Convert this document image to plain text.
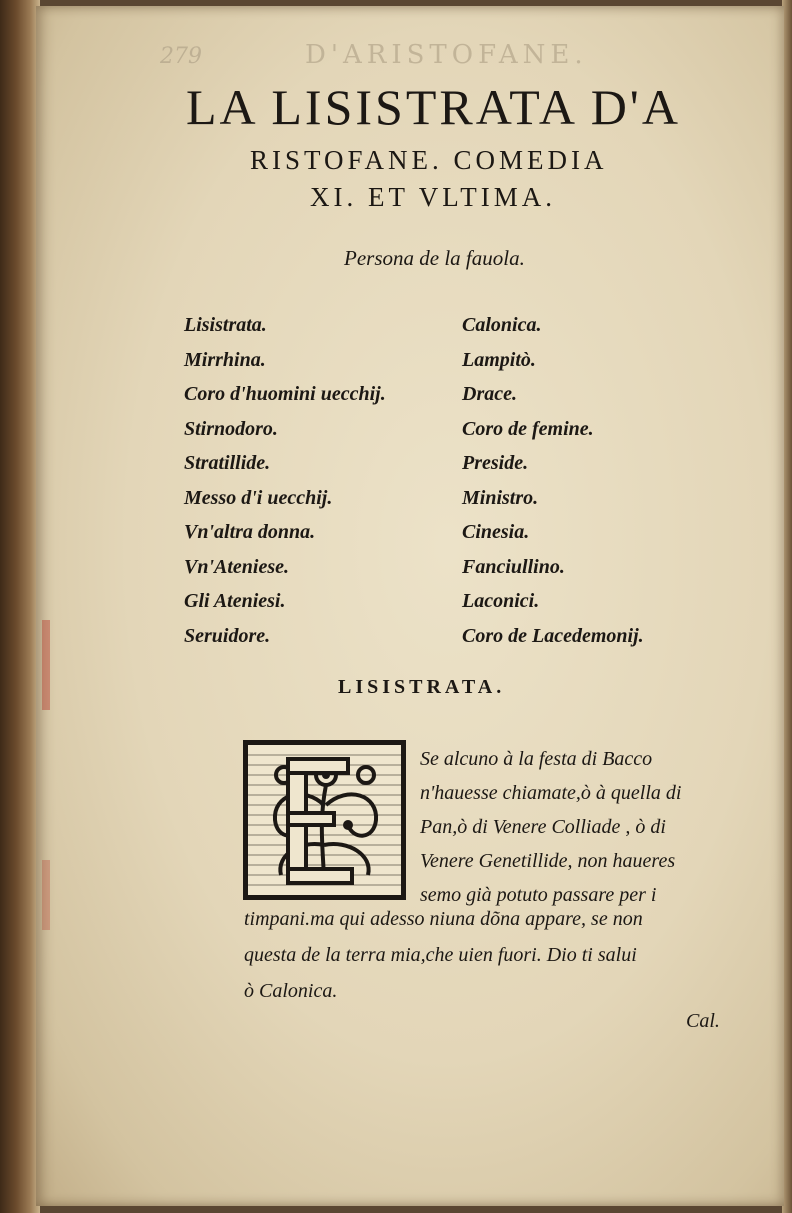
279	D'ARISTOFANE.
LA LISISTRATA D'A
RISTOFANE. COMEDIA
XI. ET VLTIMA.
Persona de la fauola.
Lisistrata.
Mirrhina.
Coro d'huomini uecchij.
Stirnodoro.
Stratillide.
Messo d'i uecchij.
Vn'altra donna.
Vn'Ateniese.
Gli Ateniesi.
Seruidore.
Calonica.
Lampitò.
Drace.
Coro de femine.
Preside.
Ministro.
Cinesia.
Fanciullino.
Laconici.
Coro de Lacedemonij.
LISISTRATA.
Se alcuno à la festa di Bacco
n'hauesse chiamate,ò à quella di
Pan,ò di Venere Colliade , ò di
Venere Genetillide, non haueres
semo già potuto passare per i
timpani.ma qui adesso niuna dõna appare, se non
questa de la terra mia,che uien fuori. Dio ti salui
ò Calonica.
Cal.
